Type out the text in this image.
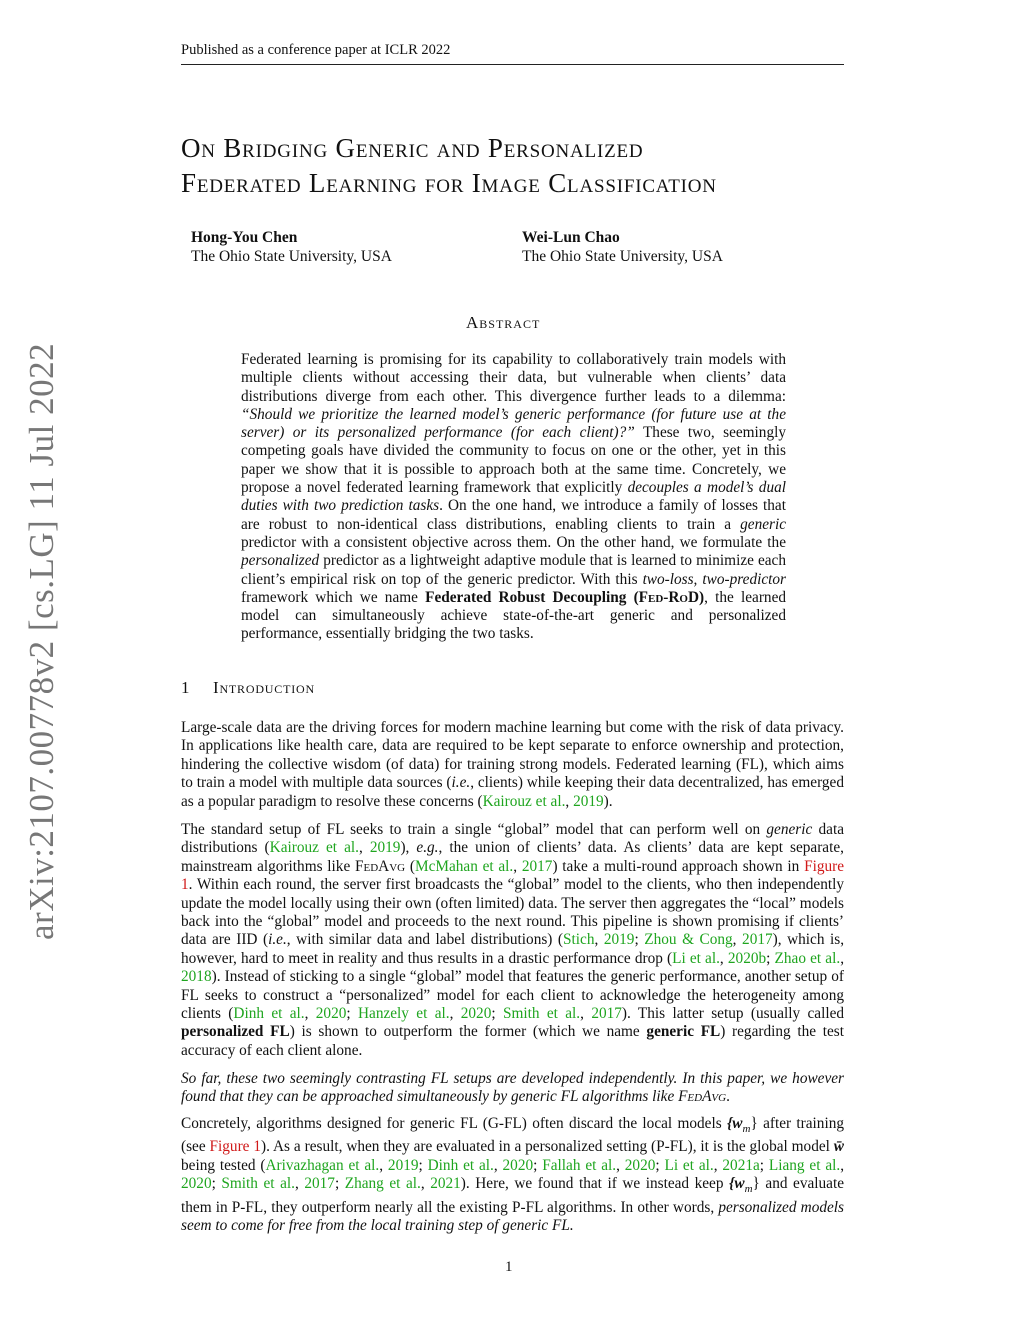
Published as a conference paper at ICLR 2022
arXiv:2107.00778v2 [cs.LG] 11 Jul 2022
On Bridging Generic and Personalized
Federated Learning for Image Classification
Hong-You Chen
The Ohio State University, USA
Wei-Lun Chao
The Ohio State University, USA
Abstract
Federated learning is promising for its capability to collaboratively train models with multiple clients without accessing their data, but vulnerable when clients’ data distributions diverge from each other. This divergence further leads to a dilemma: “Should we prioritize the learned model’s generic performance (for future use at the server) or its personalized performance (for each client)?” These two, seemingly competing goals have divided the community to focus on one or the other, yet in this paper we show that it is possible to approach both at the same time. Concretely, we propose a novel federated learning framework that explicitly decouples a model’s dual duties with two prediction tasks. On the one hand, we introduce a family of losses that are robust to non-identical class distributions, enabling clients to train a generic predictor with a consistent objective across them. On the other hand, we formulate the personalized predictor as a lightweight adaptive module that is learned to minimize each client’s empirical risk on top of the generic predictor. With this two-loss, two-predictor framework which we name Federated Robust Decoupling (Fed-RoD), the learned model can simultaneously achieve state-of-the-art generic and personalized performance, essentially bridging the two tasks.
1 Introduction
Large-scale data are the driving forces for modern machine learning but come with the risk of data privacy. In applications like health care, data are required to be kept separate to enforce ownership and protection, hindering the collective wisdom (of data) for training strong models. Federated learning (FL), which aims to train a model with multiple data sources (i.e., clients) while keeping their data decentralized, has emerged as a popular paradigm to resolve these concerns (Kairouz et al., 2019).
The standard setup of FL seeks to train a single “global” model that can perform well on generic data distributions (Kairouz et al., 2019), e.g., the union of clients’ data. As clients’ data are kept separate, mainstream algorithms like FedAvg (McMahan et al., 2017) take a multi-round approach shown in Figure 1. Within each round, the server first broadcasts the “global” model to the clients, who then independently update the model locally using their own (often limited) data. The server then aggregates the “local” models back into the “global” model and proceeds to the next round. This pipeline is shown promising if clients’ data are IID (i.e., with similar data and label distributions) (Stich, 2019; Zhou & Cong, 2017), which is, however, hard to meet in reality and thus results in a drastic performance drop (Li et al., 2020b; Zhao et al., 2018). Instead of sticking to a single “global” model that features the generic performance, another setup of FL seeks to construct a “personalized” model for each client to acknowledge the heterogeneity among clients (Dinh et al., 2020; Hanzely et al., 2020; Smith et al., 2017). This latter setup (usually called personalized FL) is shown to outperform the former (which we name generic FL) regarding the test accuracy of each client alone.
So far, these two seemingly contrasting FL setups are developed independently. In this paper, we however found that they can be approached simultaneously by generic FL algorithms like FedAvg.
Concretely, algorithms designed for generic FL (G-FL) often discard the local models $\{w_m\}$ after training (see Figure 1). As a result, when they are evaluated in a personalized setting (P-FL), it is the global model w̄ being tested (Arivazhagan et al., 2019; Dinh et al., 2020; Fallah et al., 2020; Li et al., 2021a; Liang et al., 2020; Smith et al., 2017; Zhang et al., 2021). Here, we found that if we instead keep $\{w_m\}$ and evaluate them in P-FL, they outperform nearly all the existing P-FL algorithms. In other words, personalized models seem to come for free from the local training step of generic FL.
1
